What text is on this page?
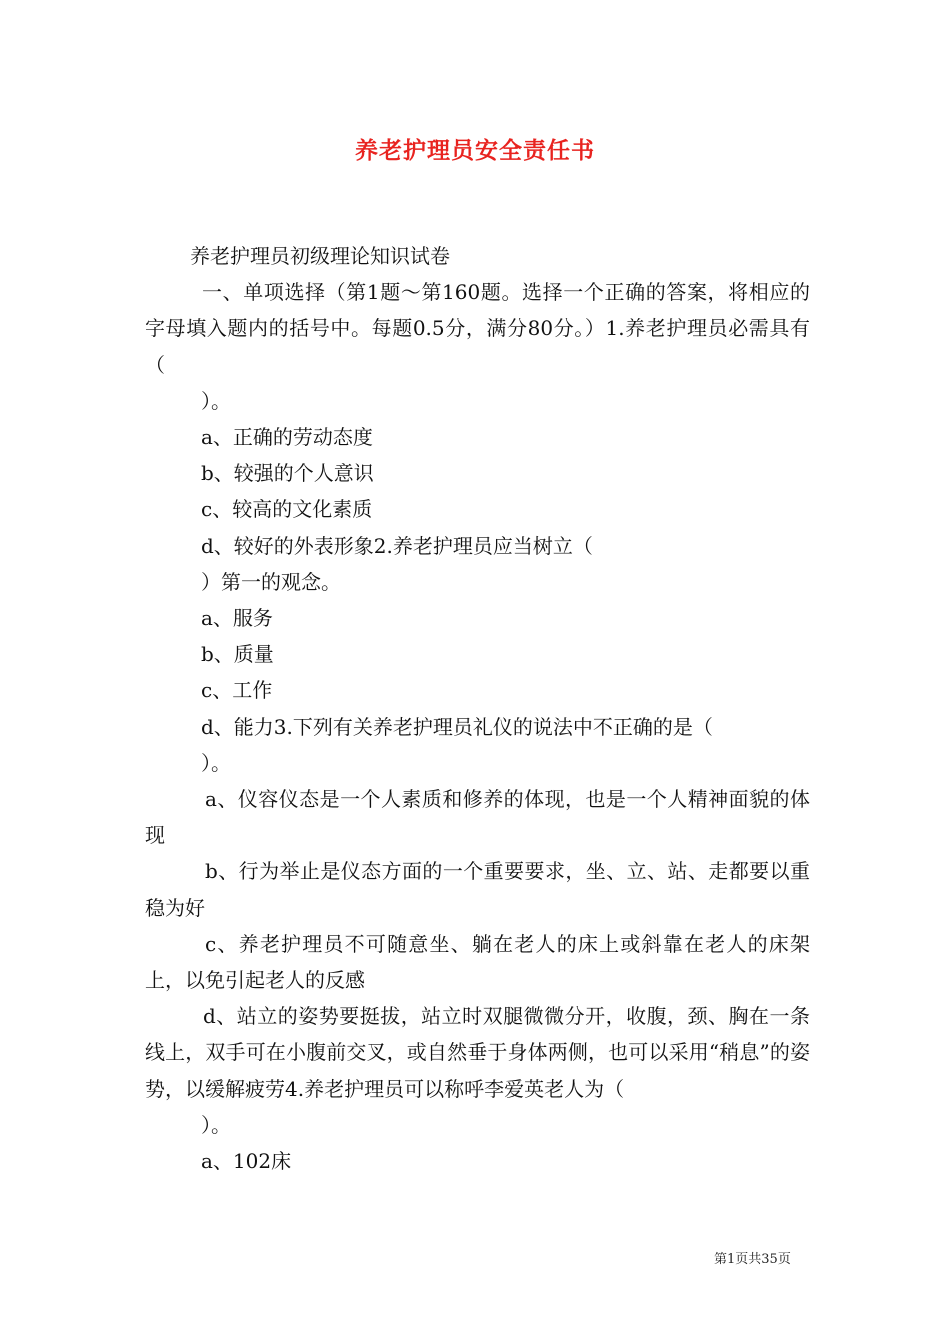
养老护理员安全责任书

养老护理员初级理论知识试卷

一、单项选择（第1题～第160题。选择一个正确的答案，将相应的字母填入题内的括号中。每题0.5分，满分80分。）1.养老护理员必需具有（

）。

a、正确的劳动态度

b、较强的个人意识

c、较高的文化素质

d、较好的外表形象2.养老护理员应当树立（

）第一的观念。

a、服务

b、质量

c、工作

d、能力3.下列有关养老护理员礼仪的说法中不正确的是（

）。

a、仪容仪态是一个人素质和修养的体现，也是一个人精神面貌的体现

b、行为举止是仪态方面的一个重要要求，坐、立、站、走都要以重稳为好

c、养老护理员不可随意坐、躺在老人的床上或斜靠在老人的床架上，以免引起老人的反感

d、站立的姿势要挺拔，站立时双腿微微分开，收腹，颈、胸在一条线上，双手可在小腹前交叉，或自然垂于身体两侧，也可以采用“稍息”的姿势，以缓解疲劳4.养老护理员可以称呼李爱英老人为（

）。

a、102床

第1页共35页
